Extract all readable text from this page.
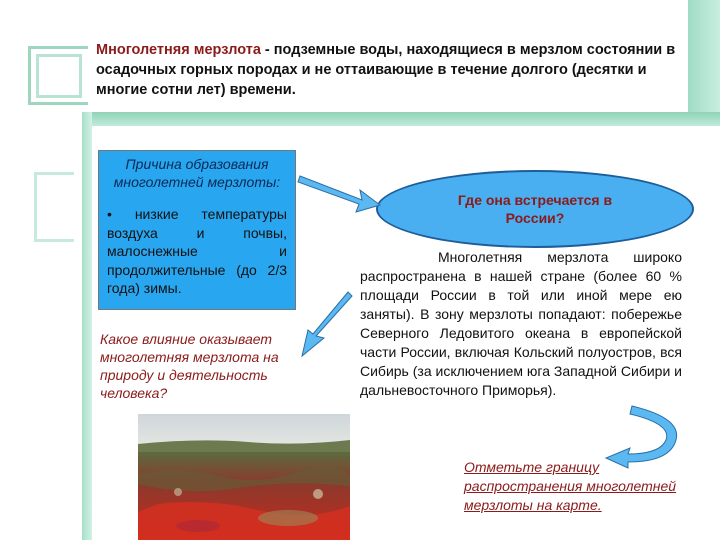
Многолетняя мерзлота - подземные воды, находящиеся в мерзлом состоянии в осадочных горных породах и не оттаивающие в течение долгого (десятки и многие сотни лет) времени.
Причина образования многолетней мерзлоты:
• низкие температуры воздуха и почвы, малоснежные и продолжительные (до 2/3 года) зимы.
Какое влияние оказывает многолетняя мерзлота на природу и деятельность человека?
Где она встречается в России?
Многолетняя мерзлота широко распространена в нашей стране (более 60 % площади России в той или иной мере ею заняты). В зону мерзлоты попадают: побережье Северного Ледовитого океана в европейской части России, включая Кольский полуостров, вся Сибирь (за исключением юга Западной Сибири и дальневосточного Приморья).
Отметьте границу распространения многолетней мерзлоты на карте.
